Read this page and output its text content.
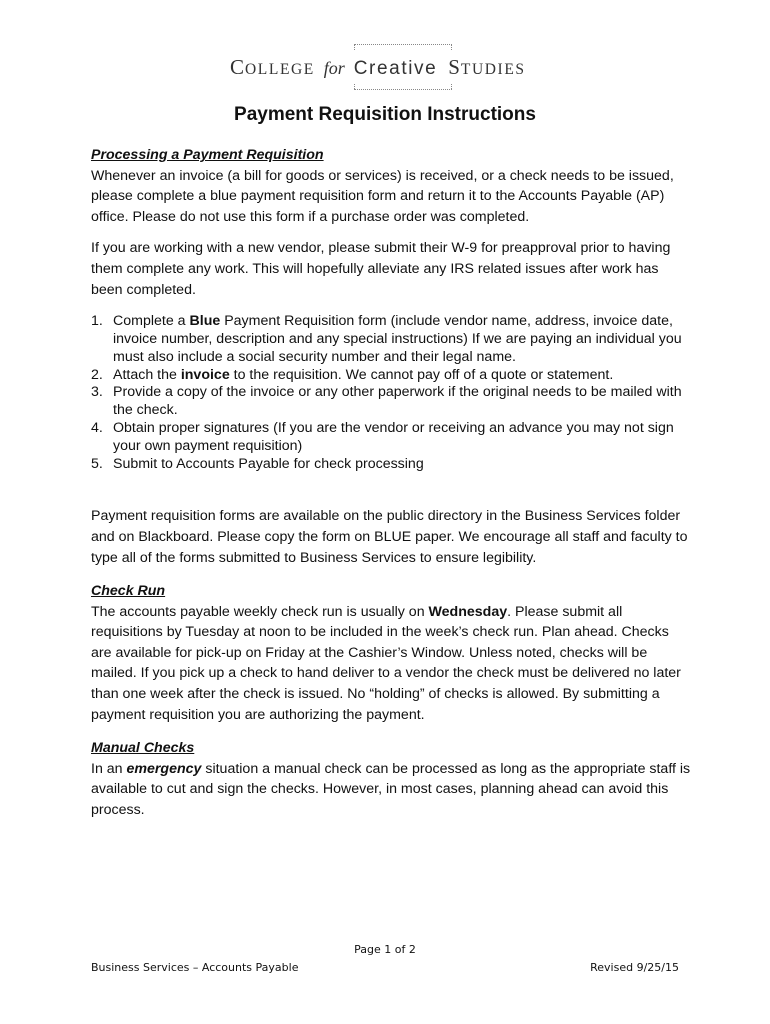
COLLEGE for Creative STUDIES
Payment Requisition Instructions

Processing a Payment Requisition

Whenever an invoice (a bill for goods or services) is received, or a check needs to be issued, please complete a blue payment requisition form and return it to the Accounts Payable (AP) office. Please do not use this form if a purchase order was completed.

If you are working with a new vendor, please submit their W-9 for preapproval prior to having them complete any work. This will hopefully alleviate any IRS related issues after work has been completed.

1. Complete a Blue Payment Requisition form (include vendor name, address, invoice date, invoice number, description and any special instructions) If we are paying an individual you must also include a social security number and their legal name.
2. Attach the invoice to the requisition. We cannot pay off of a quote or statement.
3. Provide a copy of the invoice or any other paperwork if the original needs to be mailed with the check.
4. Obtain proper signatures (If you are the vendor or receiving an advance you may not sign your own payment requisition)
5. Submit to Accounts Payable for check processing

Payment requisition forms are available on the public directory in the Business Services folder and on Blackboard. Please copy the form on BLUE paper. We encourage all staff and faculty to type all of the forms submitted to Business Services to ensure legibility.

Check Run

The accounts payable weekly check run is usually on Wednesday. Please submit all requisitions by Tuesday at noon to be included in the week’s check run. Plan ahead. Checks are available for pick-up on Friday at the Cashier’s Window. Unless noted, checks will be mailed. If you pick up a check to hand deliver to a vendor the check must be delivered no later than one week after the check is issued. No “holding” of checks is allowed. By submitting a payment requisition you are authorizing the payment.

Manual Checks

In an emergency situation a manual check can be processed as long as the appropriate staff is available to cut and sign the checks. However, in most cases, planning ahead can avoid this process.

Page 1 of 2
Business Services – Accounts Payable	Revised 9/25/15
